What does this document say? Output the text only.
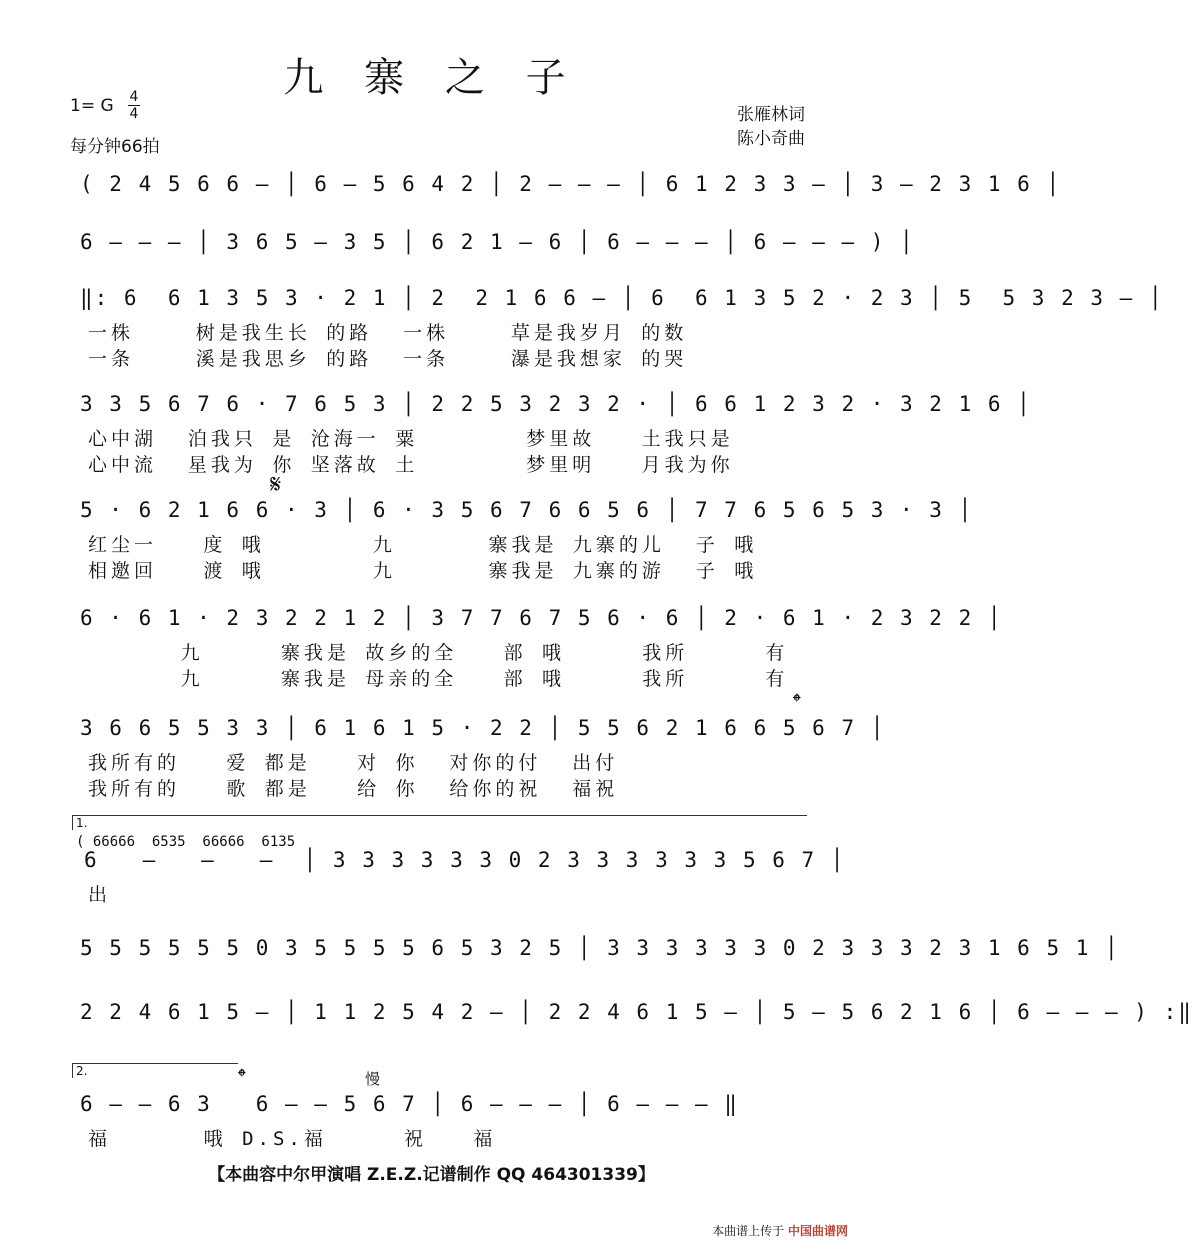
九 寨 之 子
1= G 4
4
每分钟66拍
张雁林词
陈小奇曲
( 2 4 5 6 6 — │ 6 — 5 6 4 2 │ 2 — — — │ 6 1 2 3 3 — │ 3 — 2 3 1 6 │
6 — — — │ 3 6 5 — 3 5 │ 6 2 1 — 6 │ 6 — — — │ 6 — — — ) │
‖: 6  6 1 3 5 3 · 2 1 │ 2  2 1 6 6 — │ 6  6 1 3 5 2 · 2 3 │ 5  5 3 2 3 — │
一株    树是我生长 的路  一株    草是我岁月 的数
一条    溪是我思乡 的路  一条    瀑是我想家 的哭
3 3 5 6 7 6 · 7 6 5 3 │ 2 2 5 3 2 3 2 · │ 6 6 1 2 3 2 · 3 2 1 6 │
心中湖  泊我只 是 沧海一 粟       梦里故   土我只是
心中流  星我为 你 坚落故 土       梦里明   月我为你
5 · 6 2 1 6 6 · 3 │ 6 · 3 5 6 7 6 6 5 6 │ 7 7 6 5 6 5 3 · 3 │
红尘一   度 哦       九      寨我是 九寨的儿  子 哦
相邀回   渡 哦       九      寨我是 九寨的游  子 哦
6 · 6 1 · 2 3 2 2 1 2 │ 3 7 7 6 7 5 6 · 6 │ 2 · 6 1 · 2 3 2 2 │
九     寨我是 故乡的全   部 哦     我所     有
九     寨我是 母亲的全   部 哦     我所     有
3 6 6 5 5 3 3 │ 6 1 6 1 5 · 2 2 │ 5 5 6 2 1 6 6 5 6 7 │
我所有的   爱 都是   对 你  对你的付  出付
我所有的   歌 都是   给 你  给你的祝  福祝
6   —   —   —  │ 3 3 3 3 3 3 0 2 3 3 3 3 3 3 5 6 7 │
出
5 5 5 5 5 5 0 3 5 5 5 5 6 5 3 2 5 │ 3 3 3 3 3 3 0 2 3 3 3 2 3 1 6 5 1 │
2 2 4 6 1 5 — │ 1 1 2 5 4 2 — │ 2 2 4 6 1 5 — │ 5 — 5 6 2 1 6 │ 6 — — — ) :‖
6 — — 6 3   6 — — 5 6 7 │ 6 — — — │ 6 — — — ‖
福      哦 D.S.福     祝   福
𝄋
𝄌
𝄌	慢
1.
( 66666  6535  66666  6135
2.
【本曲容中尔甲演唱 Z.E.Z.记谱制作 QQ 464301339】
本曲谱上传于 中国曲谱网
